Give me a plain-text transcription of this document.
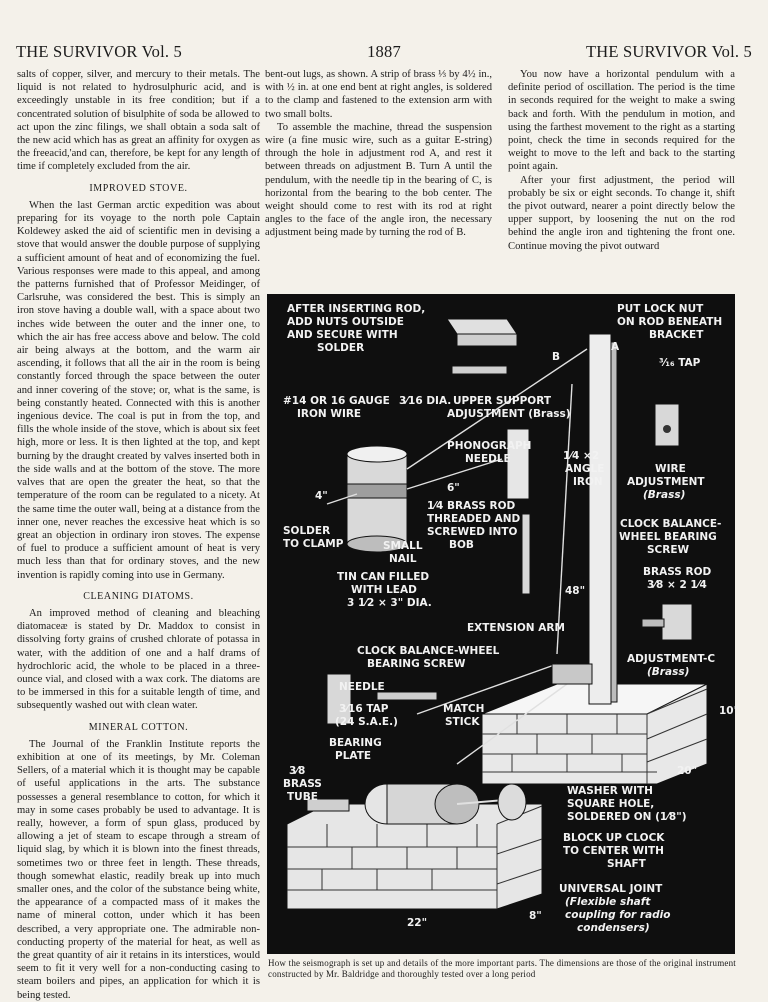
THE SURVIVOR Vol. 5	1887	THE SURVIVOR Vol. 5

salts of copper, silver, and mercury to their metals. The liquid is not related to hydrosulphuric acid, and is exceedingly unstable in its free condition; but if a concentrated solution of bisulphite of soda be allowed to act upon the zinc filings, we shall obtain a soda salt of the new acid which has as great an affinity for oxygen as the freeacid,'and can, therefore, be kept for any length of time if completely excluded from the air.

IMPROVED STOVE.

When the last German arctic expedition was about preparing for its voyage to the north pole Captain Koldewey asked the aid of scientific men in devising a stove that would answer the double purpose of supplying a sufficient amount of heat and of economizing the fuel. Various responses were made to this appeal, and among the patterns furnished that of Professor Meidinger, of Carlsruhe, was considered the best. This is simply an iron stove having a double wall, with a space about two inches wide between the outer and the inner one, to which the air has free access above and below. The cold air being always at the bottom, and the warm air ascending, it follows that all the air in the room is being constantly forced through the space between the outer and inner covering of the stove; or, what is the same, is being constantly heated. Connected with this is another ingenious device. The coal is put in from the top, and fills the whole inside of the stove, which is about six feet high, more or less. It is then lighted at the top, and kept burning by the draught created by valves inserted both in the side walls and at the bottom of the stove. The more valves that are open the greater the heat, so that the temperature of the room can be regulated to a nicety. At the same time the outer wall, being at a distance from the inner one, never reaches the excessive heat which is so great an objection in ordinary iron stoves. The expense of fuel to produce a sufficient amount of heat is very much less than that for ordinary stoves, and the new invention is rapidly coming into use in Germany.

CLEANING DIATOMS.

An improved method of cleaning and bleaching diatomaceæ is stated by Dr. Maddox to consist in dissolving forty grains of crushed chlorate of potassa in water, with the addition of one and a half drams of hydrochloric acid, the whole to be placed in a three-ounce vial, and closed with a wax cork. The diatoms are to be immersed in this for a suitable length of time, and subsequently washed out with clean water.

MINERAL COTTON.

The Journal of the Franklin Institute reports the exhibition at one of its meetings, by Mr. Coleman Sellers, of a material which it is thought may be capable of useful applications in the arts. The substance possesses a general resemblance to cotton, for which it may in some cases probably be used to advantage. It is really, however, a form of spun glass, produced by allowing a jet of steam to escape through a stream of liquid slag, by which it is blown into the finest threads, sometimes two or three feet in length. These threads, though somewhat elastic, readily break up into much smaller ones, and the color of the substance being white, the appearance of a compacted mass of it makes the name of mineral cotton, under which it has been described, a very appropriate one. The admirable non-conducting property of the material for heat, as well as the great quantity of air it retains in its interstices, would seem to fit it very well for a non-conducting casing to steam boilers and pipes, an application for which it is being tested.

bent-out lugs, as shown. A strip of brass ⅓ by 4½ in., with ½ in. at one end bent at right angles, is soldered to the clamp and fastened to the extension arm with two small bolts.

To assemble the machine, thread the suspension wire (a fine music wire, such as a guitar E-string) through the hole in adjustment rod A, and rest it between threads on adjustment B. Turn A until the pendulum, with the needle tip in the bearing of C, is horizontal from the bearing to the bob center. The weight should come to rest with its rod at right angles to the face of the angle iron, the necessary adjustment being made by turning the rod of B.

You now have a horizontal pendulum with a definite period of oscillation. The period is the time in seconds required for the weight to make a swing back and forth. With the pendulum in motion, and using the farthest movement to the right as a starting point, check the time in seconds required for the weight to move to the left and back to the starting point again.

After your first adjustment, the period will probably be six or eight seconds. To change it, shift the pivot outward, nearer a point directly below the upper support, by loosening the nut on the rod behind the angle iron and tightening the front one. Continue moving the pivot outward

AFTER INSERTING ROD,
ADD NUTS OUTSIDE
AND SECURE WITH
SOLDER
PUT LOCK NUT
ON ROD BENEATH
BRACKET
³⁄₁₆ TAP
#14 OR 16 GAUGE
IRON WIRE
3⁄16 DIA. UPPER SUPPORT
ADJUSTMENT (Brass)
PHONOGRAPH
NEEDLE	1⁄4 ×2
ANGLE
IRON
WIRE
ADJUSTMENT
(Brass)
1⁄4 BRASS ROD
THREADED AND
SCREWED INTO
BOB
CLOCK BALANCE-
WHEEL BEARING
SCREW
BRASS ROD
3⁄8 × 2 1⁄4
SOLDER
TO CLAMP	SMALL
NAIL
TIN CAN FILLED
WITH LEAD
3 1⁄2 × 3" DIA.
EXTENSION ARM
CLOCK BALANCE-WHEEL
BEARING SCREW	ADJUSTMENT-C
(Brass)
NEEDLE
3⁄16 TAP
(24 S.A.E.)
MATCH
STICK
BEARING
PLATE
3⁄8
BRASS
TUBE	WASHER WITH
SQUARE HOLE,
SOLDERED ON (1⁄8")
BLOCK UP CLOCK
TO CENTER WITH
SHAFT
UNIVERSAL JOINT
(Flexible shaft
coupling for radio
condensers)
22"
8"
10"
20"
4"
6"
48"
B
A
How the seismograph is set up and details of the more important parts. The dimensions are those of the original instrument constructed by Mr. Baldridge and thoroughly tested over a long period
